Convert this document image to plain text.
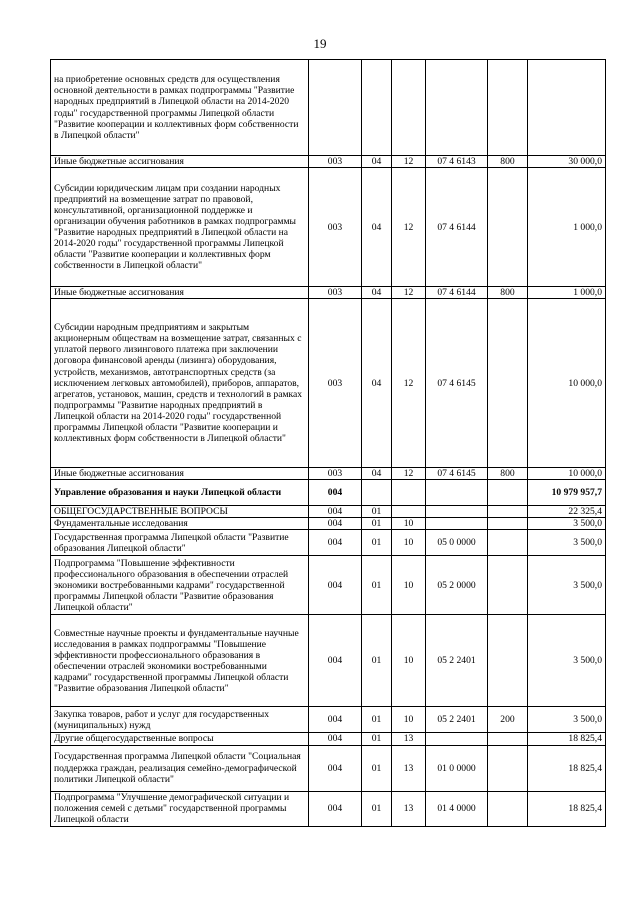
19
на приобретение основных средств для осуществления основной деятельности в рамках подпрограммы "Развитие народных предприятий в Липецкой области на 2014-2020 годы" государственной программы Липецкой области "Развитие кооперации и коллективных форм собственности в Липецкой области"						
Иные бюджетные ассигнования	003	04	12	07 4 6143	800	30 000,0
Субсидии юридическим лицам при создании народных предприятий на возмещение затрат по правовой, консультативной, организационной поддержке и организации обучения работников в рамках подпрограммы "Развитие народных предприятий в Липецкой области на 2014-2020 годы" государственной программы Липецкой области "Развитие кооперации и коллективных форм собственности в Липецкой области"	003	04	12	07 4 6144		1 000,0
Иные бюджетные ассигнования	003	04	12	07 4 6144	800	1 000,0
Субсидии народным предприятиям и закрытым акционерным обществам на возмещение затрат, связанных с уплатой первого лизингового платежа при заключении договора финансовой аренды (лизинга) оборудования, устройств, механизмов, автотранспортных средств (за исключением легковых автомобилей), приборов, аппаратов, агрегатов, установок, машин, средств и технологий в рамках подпрограммы "Развитие народных предприятий в Липецкой области на 2014-2020 годы" государственной программы Липецкой области "Развитие кооперации и коллективных форм собственности в Липецкой области"	003	04	12	07 4 6145		10 000,0
Иные бюджетные ассигнования	003	04	12	07 4 6145	800	10 000,0
Управление образования и науки Липецкой области	004					10 979 957,7
ОБЩЕГОСУДАРСТВЕННЫЕ ВОПРОСЫ	004	01				22 325,4
Фундаментальные исследования	004	01	10			3 500,0
Государственная программа Липецкой области "Развитие образования Липецкой области"	004	01	10	05 0 0000		3 500,0
Подпрограмма "Повышение эффективности профессионального образования в обеспечении отраслей экономики востребованными кадрами" государственной программы Липецкой области "Развитие образования Липецкой области"	004	01	10	05 2 0000		3 500,0
Совместные научные проекты и фундаментальные научные исследования в рамках подпрограммы "Повышение эффективности профессионального образования в обеспечении отраслей экономики востребованными кадрами" государственной программы Липецкой области "Развитие образования Липецкой области"	004	01	10	05 2 2401		3 500,0
Закупка товаров, работ и услуг для государственных (муниципальных) нужд	004	01	10	05 2 2401	200	3 500,0
Другие общегосударственные вопросы	004	01	13			18 825,4
Государственная программа Липецкой области "Социальная поддержка граждан, реализация семейно-демографической политики Липецкой области"	004	01	13	01 0 0000		18 825,4
Подпрограмма "Улучшение демографической ситуации и положения семей с детьми" государственной программы Липецкой области	004	01	13	01 4 0000		18 825,4
